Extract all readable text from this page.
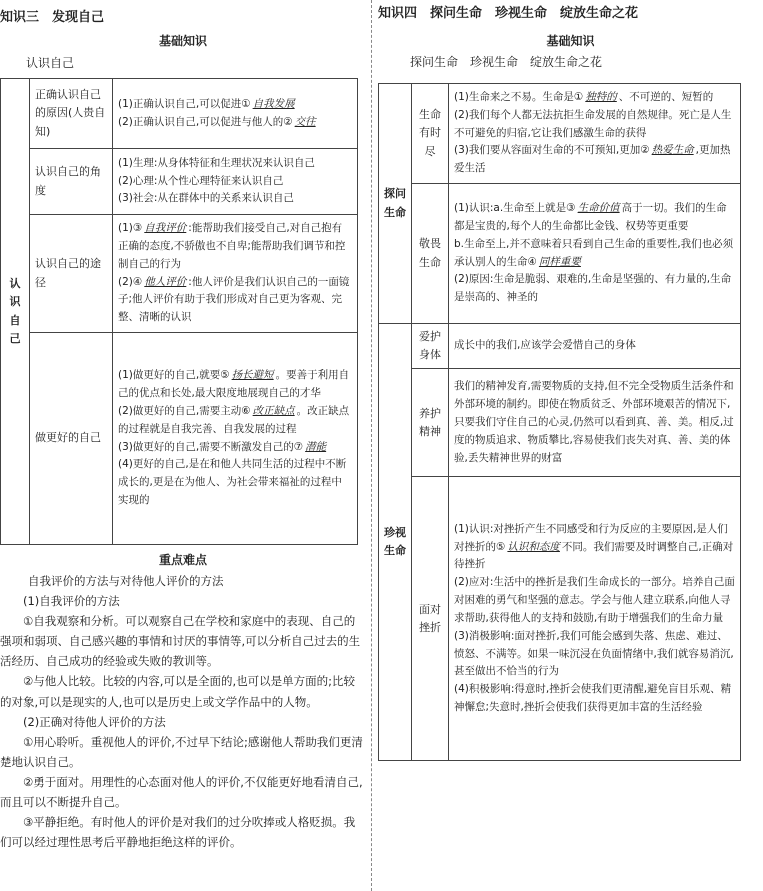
知识三　发现自己
基础知识
认识自己
认识自己	正确认识自己的原因(人贵自知)	(1)正确认识自己,可以促进① 自我发展
(2)正确认识自己,可以促进与他人的② 交往

	认识自己的角度	(1)生理:从身体特征和生理状况来认识自己
(2)心理:从个性心理特征来认识自己
(3)社会:从在群体中的关系来认识自己

	认识自己的途径	(1)③ 自我评价 :能帮助我们接受自己,对自己抱有正确的态度,不骄傲也不自卑;能帮助我们调节和控制自己的行为
(2)④ 他人评价 :他人评价是我们认识自己的一面镜子;他人评价有助于我们形成对自己更为客观、完整、清晰的认识

	做更好的自己	(1)做更好的自己,就要⑤ 扬长避短 。要善于利用自己的优点和长处,最大限度地展现自己的才华
(2)做更好的自己,需要主动⑥ 改正缺点 。改正缺点的过程就是自我完善、自我发展的过程
(3)做更好的自己,需要不断激发自己的⑦ 潜能
(4)更好的自己,是在和他人共同生活的过程中不断成长的,更是在为他人、为社会带来福祉的过程中实现的
重点难点
自我评价的方法与对待他人评价的方法

(1)自我评价的方法

①自我观察和分析。可以观察自己在学校和家庭中的表现、自己的强项和弱项、自己感兴趣的事情和讨厌的事情等,可以分析自己过去的生活经历、自己成功的经验或失败的教训等。

②与他人比较。比较的内容,可以是全面的,也可以是单方面的;比较的对象,可以是现实的人,也可以是历史上或文学作品中的人物。

(2)正确对待他人评价的方法

①用心聆听。重视他人的评价,不过早下结论;感谢他人帮助我们更清楚地认识自己。

②勇于面对。用理性的心态面对他人的评价,不仅能更好地看清自己,而且可以不断提升自己。

③平静拒绝。有时他人的评价是对我们的过分吹捧或人格贬损。我们可以经过理性思考后平静地拒绝这样的评价。

知识四　探问生命　珍视生命　绽放生命之花
基础知识
探问生命　珍视生命　绽放生命之花
探问生命	生命有时尽	(1)生命来之不易。生命是① 独特的 、不可逆的、短暂的
(2)我们每个人都无法抗拒生命发展的自然规律。死亡是人生不可避免的归宿,它让我们感激生命的获得
(3)我们要从容面对生命的不可预知,更加② 热爱生命 ,更加热爱生活

	敬畏生命	(1)认识:a.生命至上就是③ 生命价值 高于一切。我们的生命都是宝贵的,每个人的生命都比金钱、权势等更重要
b.生命至上,并不意味着只看到自己生命的重要性,我们也必须承认别人的生命④ 同样重要
(2)原因:生命是脆弱、艰难的,生命是坚强的、有力量的,生命是崇高的、神圣的

珍视生命	爱护身体	成长中的我们,应该学会爱惜自己的身体

	养护精神	我们的精神发育,需要物质的支持,但不完全受物质生活条件和外部环境的制约。即使在物质贫乏、外部环境艰苦的情况下,只要我们守住自己的心灵,仍然可以看到真、善、美。相反,过度的物质追求、物质攀比,容易使我们丧失对真、善、美的体验,丢失精神世界的财富

	面对挫折	(1)认识:对挫折产生不同感受和行为反应的主要原因,是人们对挫折的⑤ 认识和态度 不同。我们需要及时调整自己,正确对待挫折
(2)应对:生活中的挫折是我们生命成长的一部分。培养自己面对困难的勇气和坚强的意志。学会与他人建立联系,向他人寻求帮助,获得他人的支持和鼓励,有助于增强我们的生命力量
(3)消极影响:面对挫折,我们可能会感到失落、焦虑、难过、愤怒、不满等。如果一味沉浸在负面情绪中,我们就容易消沉,甚至做出不恰当的行为
(4)积极影响:得意时,挫折会使我们更清醒,避免盲目乐观、精神懈怠;失意时,挫折会使我们获得更加丰富的生活经验
